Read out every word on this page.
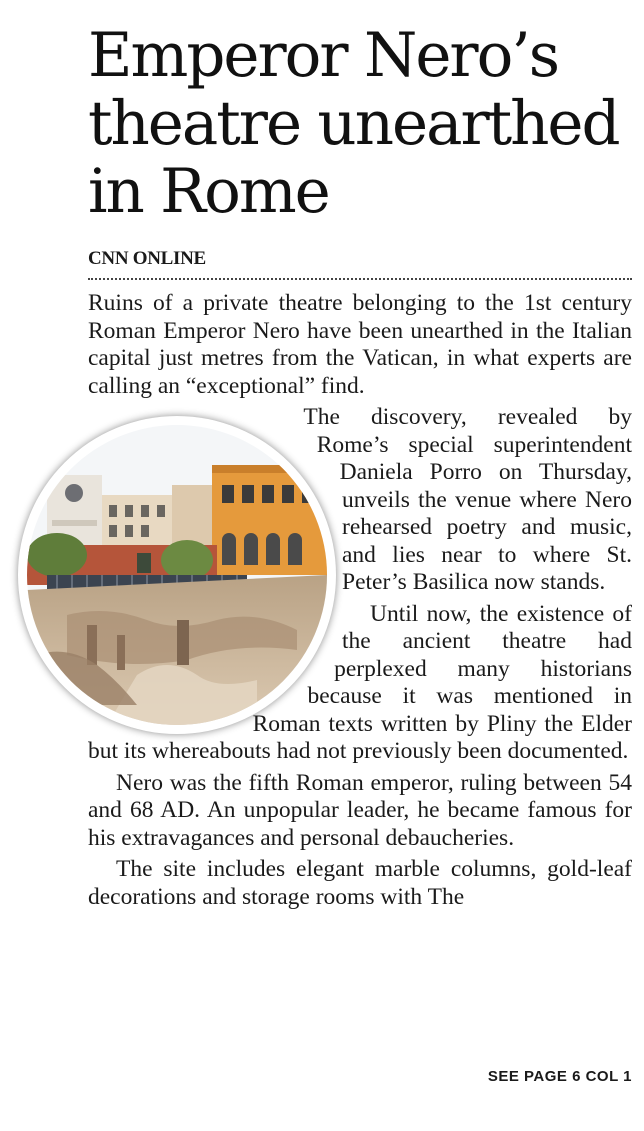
Emperor Nero’s theatre unearthed in Rome
CNN ONLINE

Ruins of a private theatre belonging to the 1st century Roman Emperor Nero have been unearthed in the Italian capital just metres from the Vatican, in what experts are calling an “exceptional” find.

The discovery, revealed by Rome’s special superintendent Daniela Porro on Thursday, unveils the venue where Nero rehearsed poetry and music, and lies near to where St. Peter’s Basilica now stands.

Until now, the existence of the ancient theatre had perplexed many historians because it was mentioned in Roman texts written by Pliny the Elder but its whereabouts had not previously been documented.

Nero was the fifth Roman emperor, ruling between 54 and 68 AD. An unpopular leader, he became famous for his extravagances and personal debaucheries.

The site includes elegant marble columns, gold-leaf decorations and storage rooms with The

SEE PAGE 6 COL 1
